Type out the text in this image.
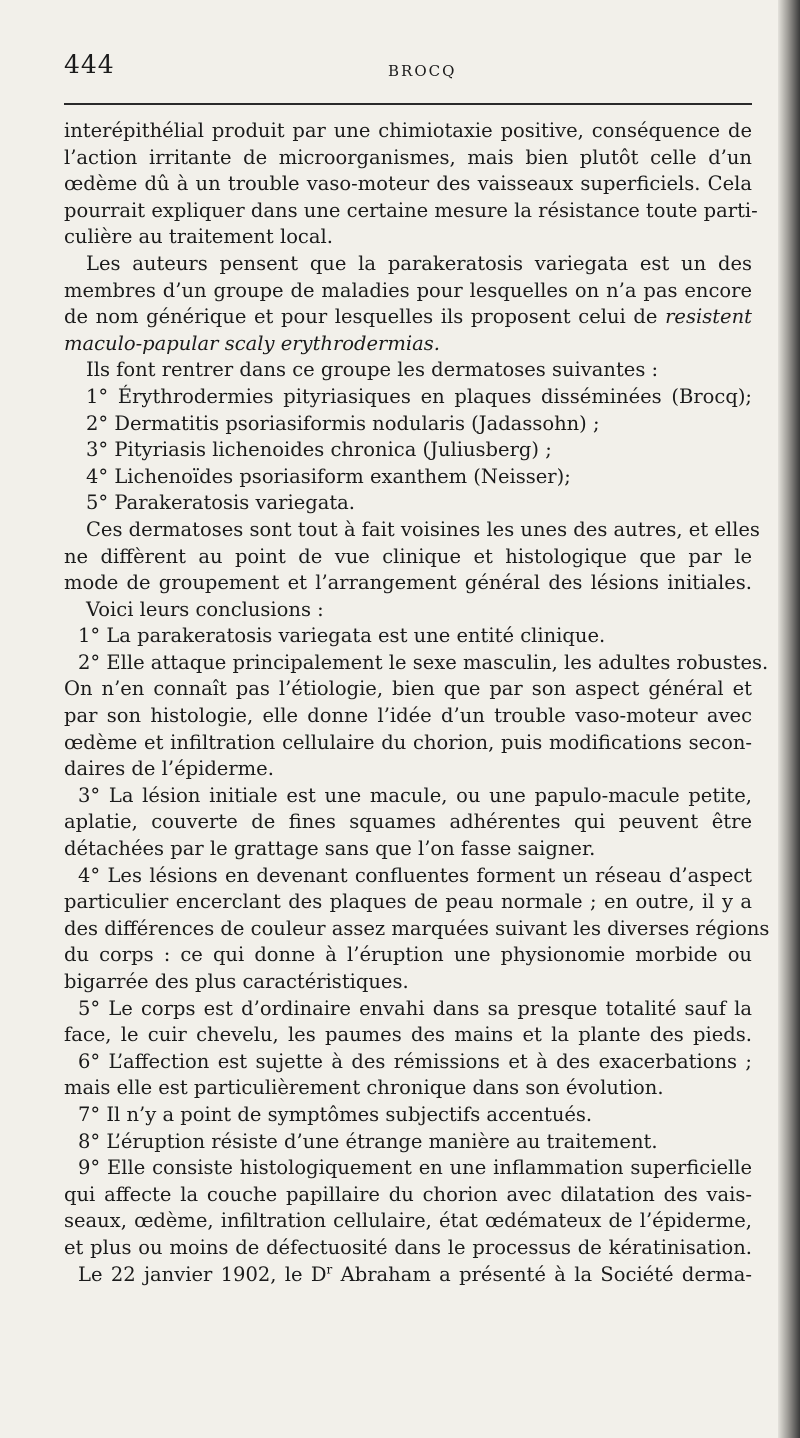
444	BROCQ
interépithélial produit par une chimiotaxie positive, conséquence de
l’action irritante de microorganismes, mais bien plutôt celle d’un
œdème dû à un trouble vaso-moteur des vaisseaux superficiels. Cela
pourrait expliquer dans une certaine mesure la résistance toute parti-
culière au traitement local.
Les auteurs pensent que la parakeratosis variegata est un des
membres d’un groupe de maladies pour lesquelles on n’a pas encore
de nom générique et pour lesquelles ils proposent celui de resistent
maculo-papular scaly erythrodermias.
Ils font rentrer dans ce groupe les dermatoses suivantes :
1° Érythrodermies pityriasiques en plaques disséminées (Brocq);
2° Dermatitis psoriasiformis nodularis (Jadassohn) ;
3° Pityriasis lichenoides chronica (Juliusberg) ;
4° Lichenoïdes psoriasiform exanthem (Neisser);
5° Parakeratosis variegata.
Ces dermatoses sont tout à fait voisines les unes des autres, et elles
ne diffèrent au point de vue clinique et histologique que par le
mode de groupement et l’arrangement général des lésions initiales.
Voici leurs conclusions :
1° La parakeratosis variegata est une entité clinique.
2° Elle attaque principalement le sexe masculin, les adultes robustes.
On n’en connaît pas l’étiologie, bien que par son aspect général et
par son histologie, elle donne l’idée d’un trouble vaso-moteur avec
œdème et infiltration cellulaire du chorion, puis modifications secon-
daires de l’épiderme.
3° La lésion initiale est une macule, ou une papulo-macule petite,
aplatie, couverte de fines squames adhérentes qui peuvent être
détachées par le grattage sans que l’on fasse saigner.
4° Les lésions en devenant confluentes forment un réseau d’aspect
particulier encerclant des plaques de peau normale ; en outre, il y a
des différences de couleur assez marquées suivant les diverses régions
du corps : ce qui donne à l’éruption une physionomie morbide ou
bigarrée des plus caractéristiques.
5° Le corps est d’ordinaire envahi dans sa presque totalité sauf la
face, le cuir chevelu, les paumes des mains et la plante des pieds.
6° L’affection est sujette à des rémissions et à des exacerbations ;
mais elle est particulièrement chronique dans son évolution.
7° Il n’y a point de symptômes subjectifs accentués.
8° L’éruption résiste d’une étrange manière au traitement.
9° Elle consiste histologiquement en une inflammation superficielle
qui affecte la couche papillaire du chorion avec dilatation des vais-
seaux, œdème, infiltration cellulaire, état œdémateux de l’épiderme,
et plus ou moins de défectuosité dans le processus de kératinisation.
Le 22 janvier 1902, le $D^r$ Abraham a présenté à la Société derma-
